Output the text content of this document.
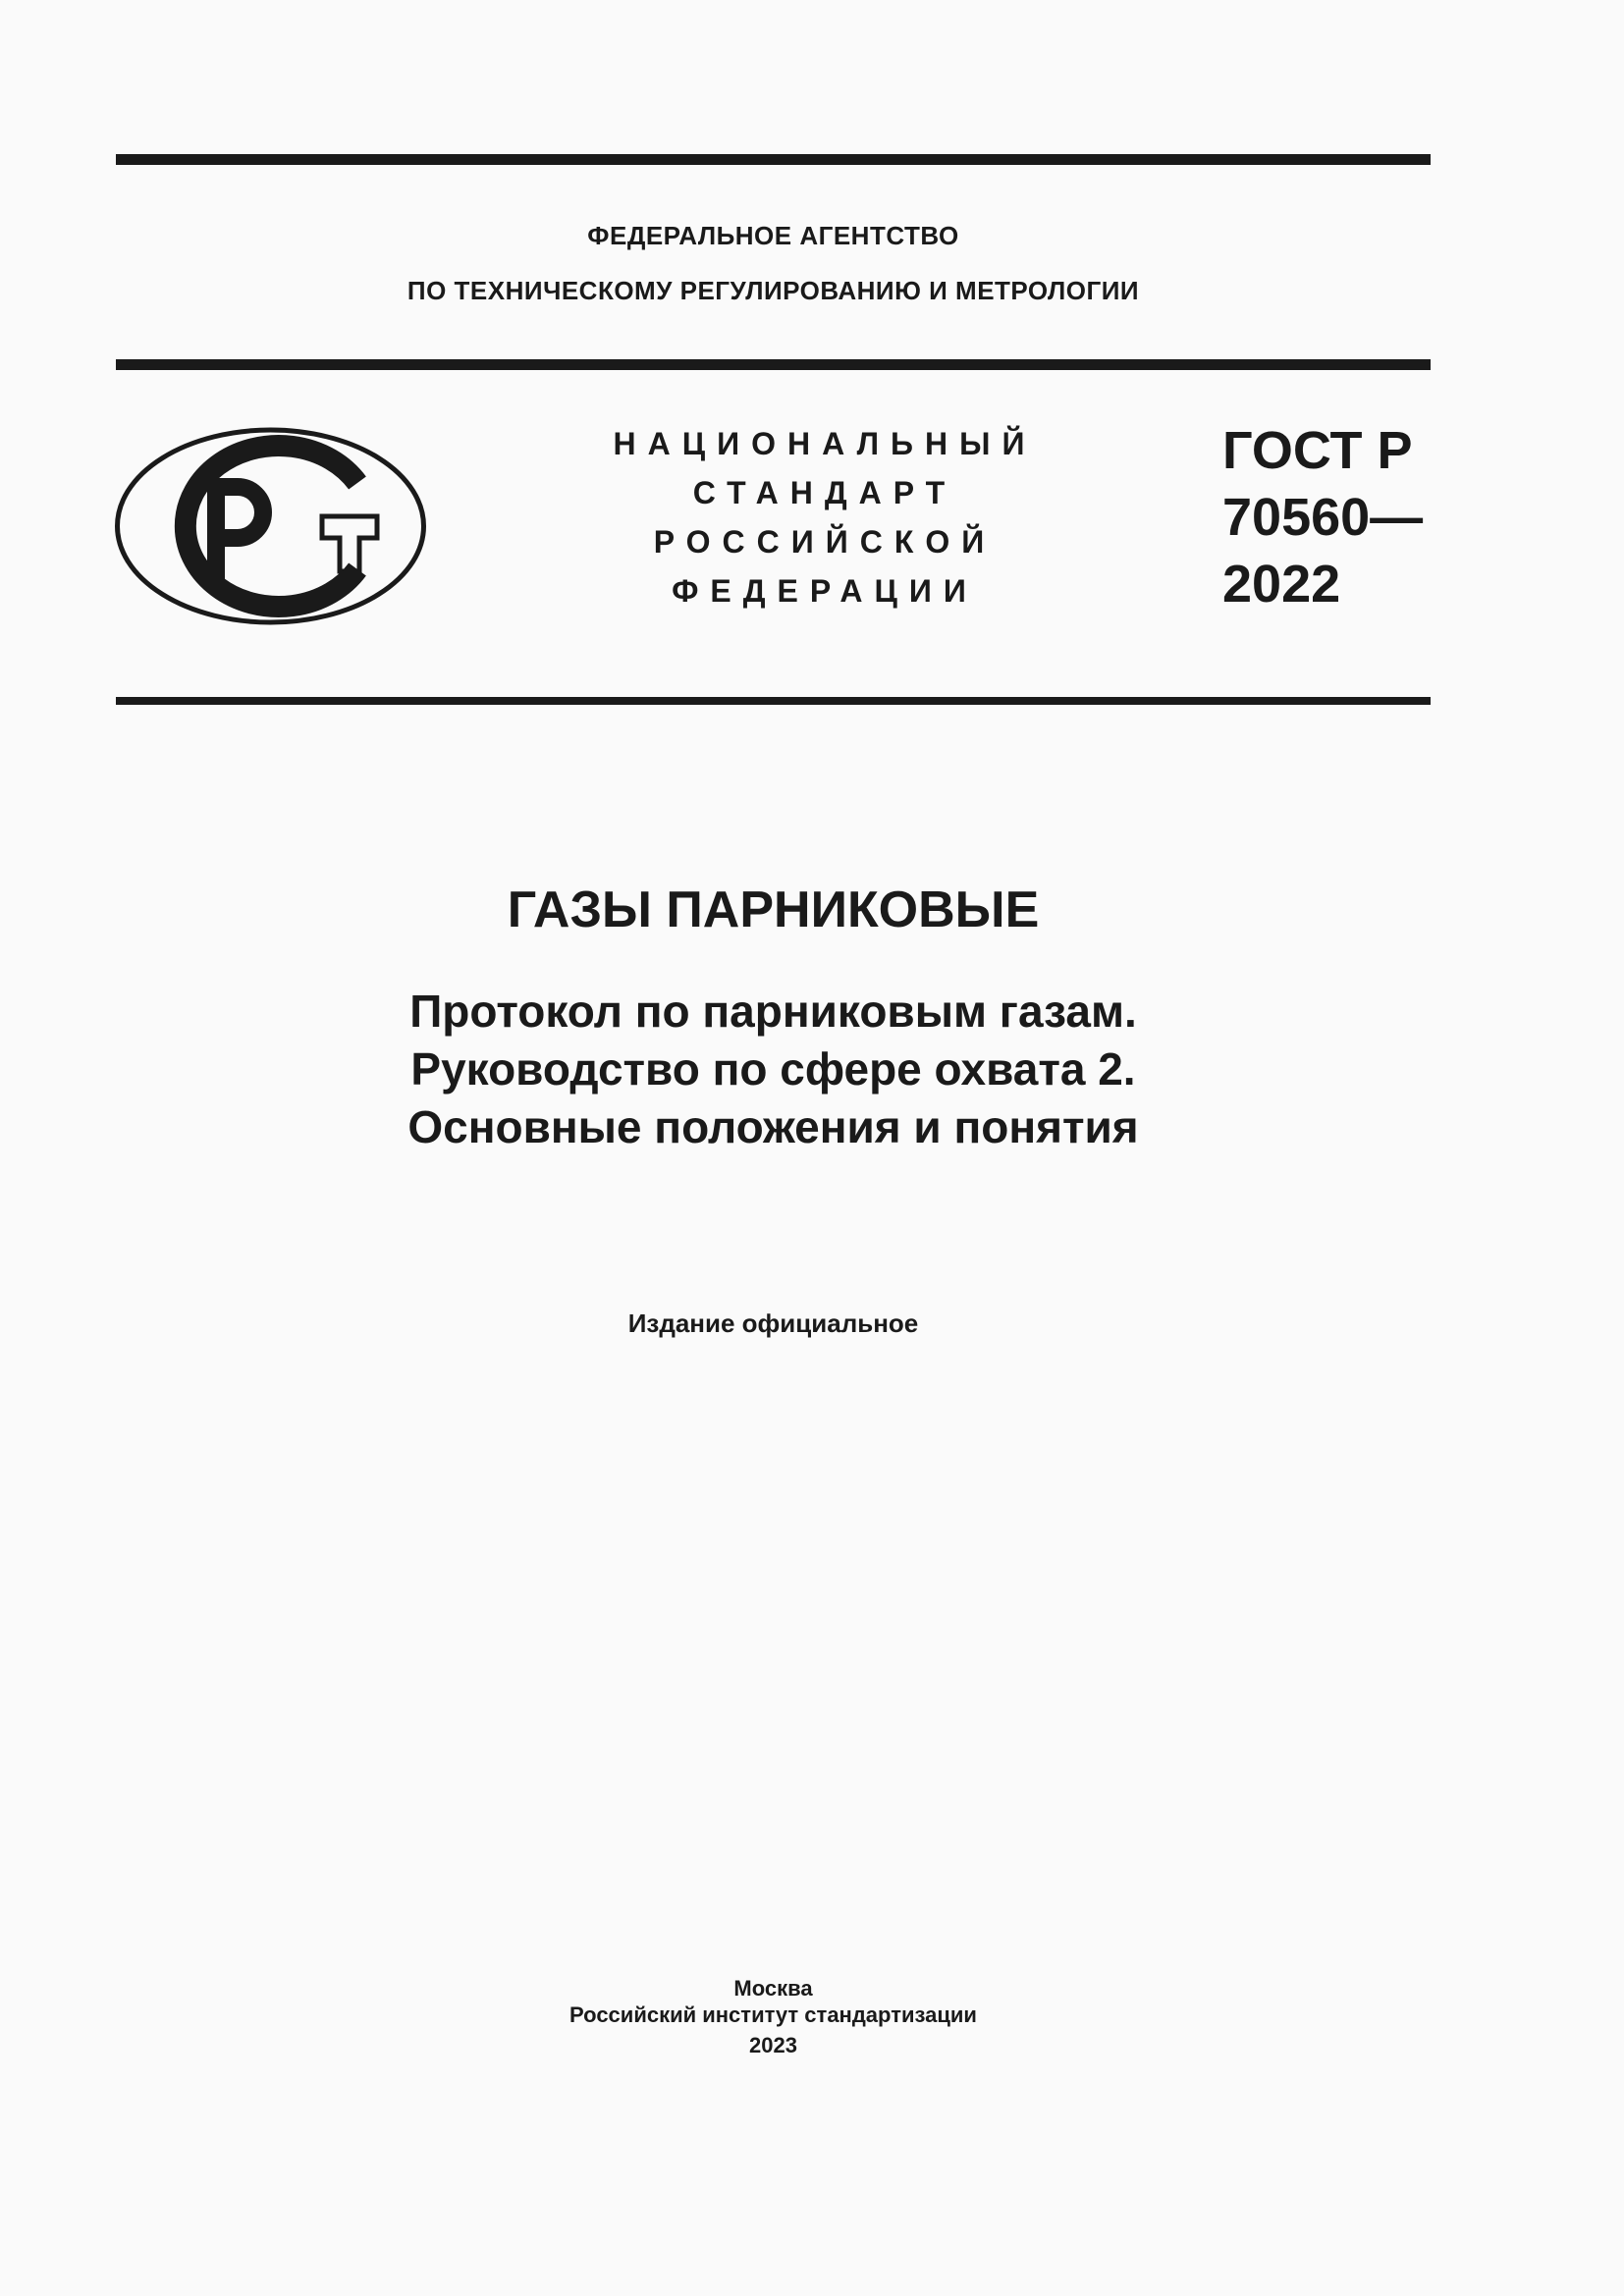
ФЕДЕРАЛЬНОЕ АГЕНТСТВО
ПО ТЕХНИЧЕСКОМУ РЕГУЛИРОВАНИЮ И МЕТРОЛОГИИ
НАЦИОНАЛЬНЫЙ
СТАНДАРТ
РОССИЙСКОЙ
ФЕДЕРАЦИИ
ГОСТ Р
70560—
2022
ГАЗЫ ПАРНИКОВЫЕ
Протокол по парниковым газам.
Руководство по сфере охвата 2.
Основные положения и понятия
Издание официальное
Москва
Российский институт стандартизации
2023
